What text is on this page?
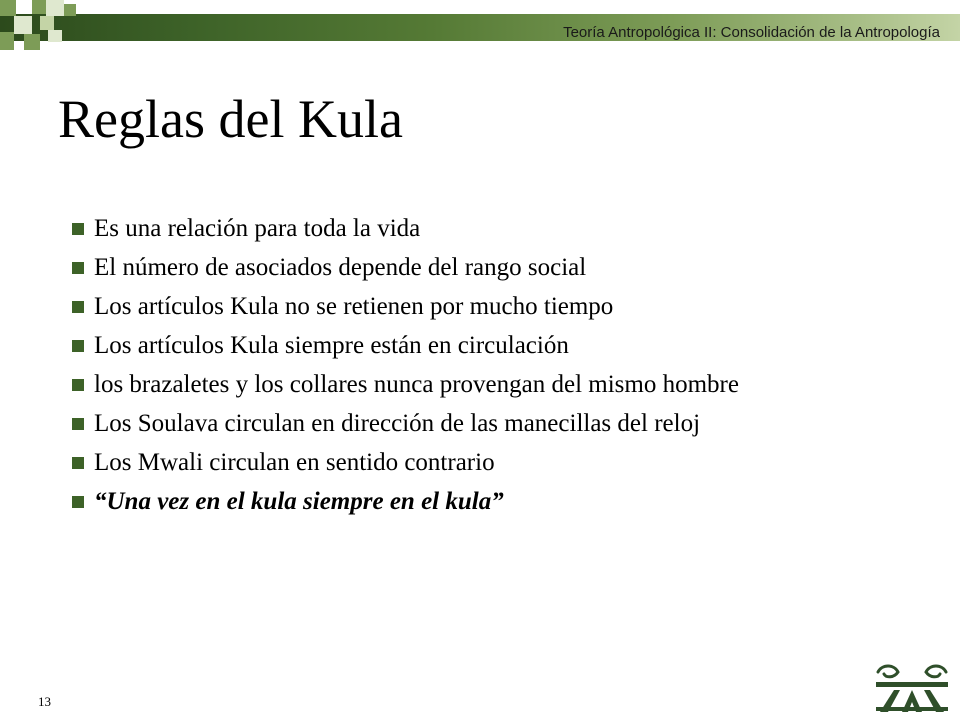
Teoría Antropológica II: Consolidación de la Antropología
Reglas del Kula
Es una relación para toda la vida
El número de asociados depende del rango social
Los artículos Kula no se retienen por mucho tiempo
Los artículos Kula siempre están en circulación
los brazaletes y los collares nunca provengan del mismo hombre
Los Soulava circulan en dirección de las manecillas del reloj
Los Mwali circulan en sentido contrario
“Una vez en el kula siempre en el kula”
13
